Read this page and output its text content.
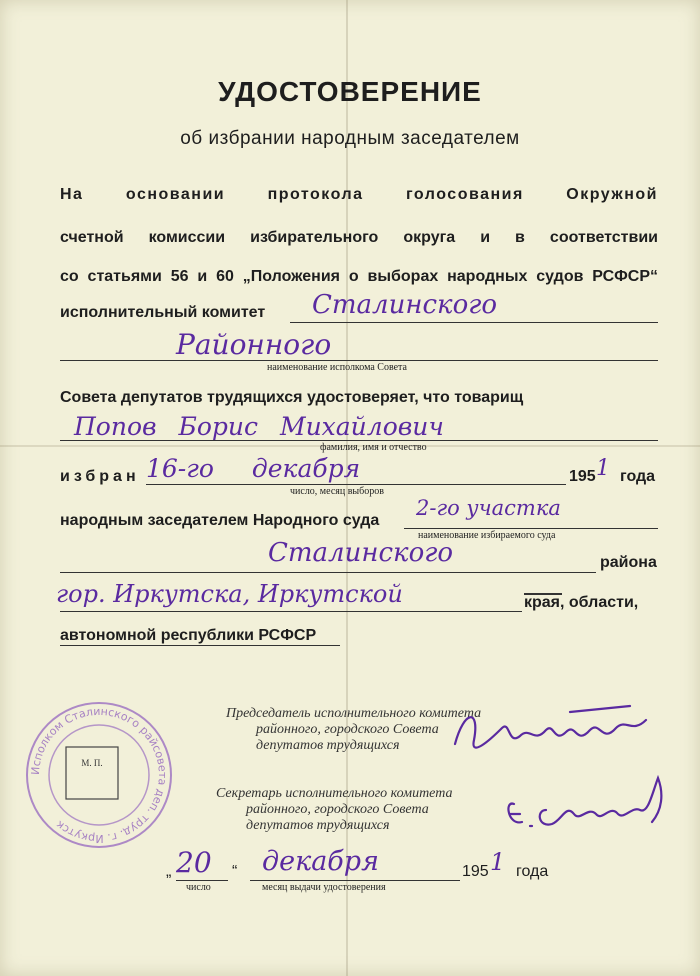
УДОСТОВЕРЕНИЕ
об избрании народным заседателем
На основании протокола голосования Окружной
счетной комиссии избирательного округа и в соответствии
со статьями 56 и 60 „Положения о выборах народных судов РСФСР“
исполнительный комитет Сталинского
Районного
наименование исполкома Совета
Совета депутатов трудящихся удостоверяет, что товарищ
Попов Борис Михайлович
фамилия, имя и отчество
избран 16-го декабря
число, месяц выборов
195 1 года
народным заседателем Народного суда
2-го участка
наименование избираемого суда
Сталинского	района
гор. Иркутска, Иркутской	края , области,
автономной республики РСФСР
Председатель исполнительного комитета
районного, городского Совета
депутатов трудящихся
Секретарь исполнительного комитета
районного, городского Совета
депутатов трудящихся
Исполком Сталинского райсовета деп. труд. г. Иркутск
М. П.
„ 20
число
“ декабря
месяц выдачи удостоверения
195 1 года
